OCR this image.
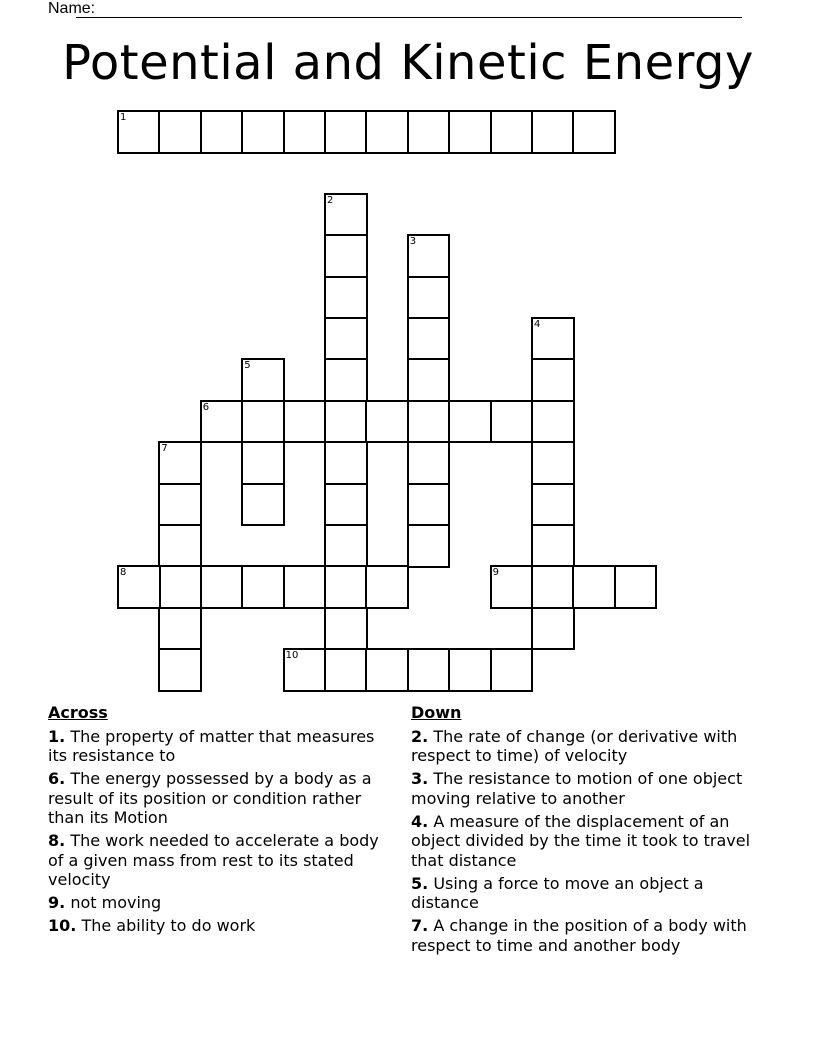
Name:
Potential and Kinetic Energy
1
2
3
4
5
6
7
8	9
10
Across
1. The property of matter that measures its resistance to
6. The energy possessed by a body as a result of its position or condition rather than its Motion
8. The work needed to accelerate a body of a given mass from rest to its stated velocity
9. not moving
10. The ability to do work
Down
2. The rate of change (or derivative with respect to time) of velocity
3. The resistance to motion of one object moving relative to another
4. A measure of the displacement of an object divided by the time it took to travel that distance
5. Using a force to move an object a distance
7. A change in the position of a body with respect to time and another body
